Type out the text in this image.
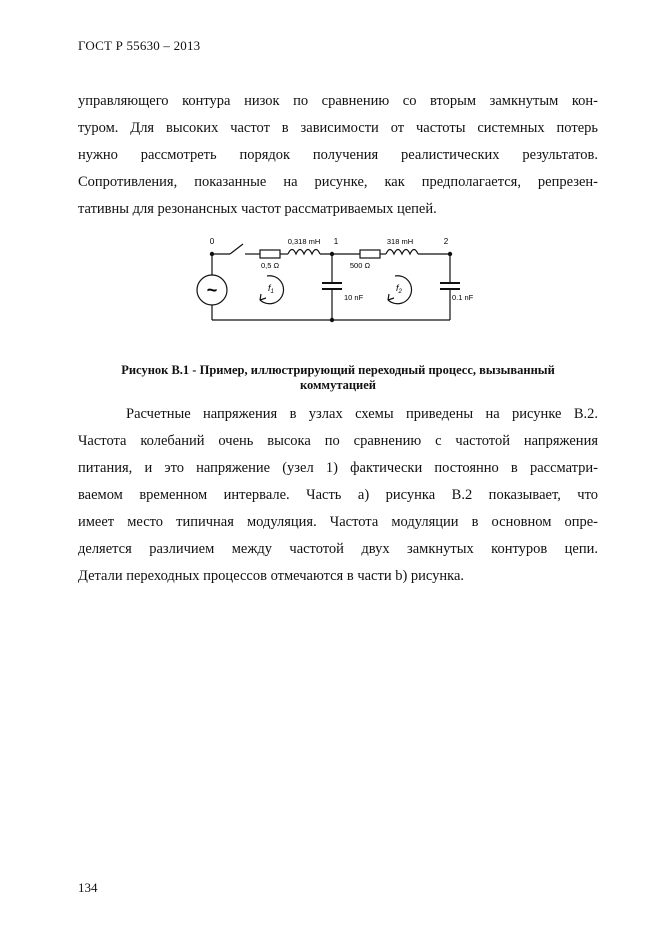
ГОСТ Р 55630 – 2013
управляющего контура низок по сравнению со вторым замкнутым кон-
туром. Для высоких частот в зависимости от частоты системных потерь
нужно рассмотреть порядок получения реалистических результатов.
Сопротивления, показанные на рисунке, как предполагается, репрезен-
тативны для резонансных частот рассматриваемых цепей.
~
0	1	2
0,318 mH
0,5 Ω
318 mH
500 Ω
10 nF	0.1 nF
$f_1$	$f_2$
Рисунок В.1 - Пример, иллюстрирующий переходный процесс, вызыванный
коммутацией
Расчетные напряжения в узлах схемы приведены на рисунке В.2.
Частота колебаний очень высока по сравнению с частотой напряжения
питания, и это напряжение (узел 1) фактически постоянно в рассматри-
ваемом временном интервале. Часть а) рисунка В.2 показывает, что
имеет место типичная модуляция. Частота модуляции в основном опре-
деляется различием между частотой двух замкнутых контуров цепи.
Детали переходных процессов отмечаются в части b) рисунка.
134
